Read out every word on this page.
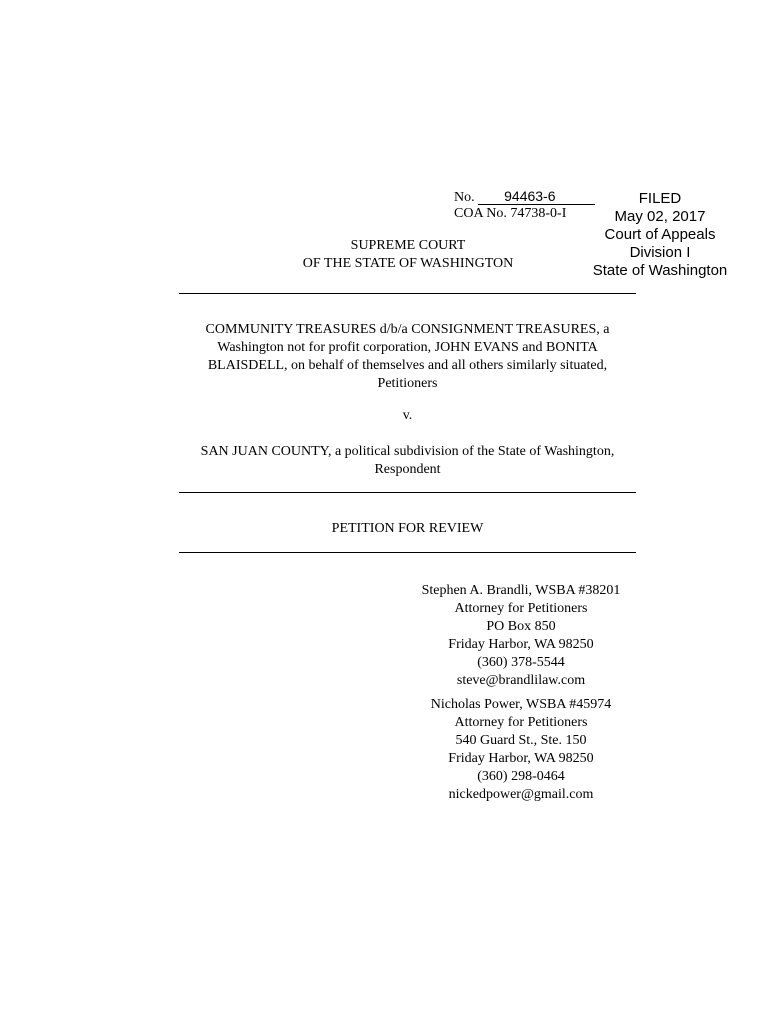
No. 94463-6
COA No. 74738-0-I
FILED
May 02, 2017
Court of Appeals
Division I
State of Washington
SUPREME COURT
OF THE STATE OF WASHINGTON
COMMUNITY TREASURES d/b/a CONSIGNMENT TREASURES, a
Washington not for profit corporation, JOHN EVANS and BONITA
BLAISDELL, on behalf of themselves and all others similarly situated,
Petitioners
v.
SAN JUAN COUNTY, a political subdivision of the State of Washington,
Respondent
PETITION FOR REVIEW
Stephen A. Brandli, WSBA #38201
Attorney for Petitioners
PO Box 850
Friday Harbor, WA 98250
(360) 378-5544
steve@brandlilaw.com
Nicholas Power, WSBA #45974
Attorney for Petitioners
540 Guard St., Ste. 150
Friday Harbor, WA 98250
(360) 298-0464
nickedpower@gmail.com
